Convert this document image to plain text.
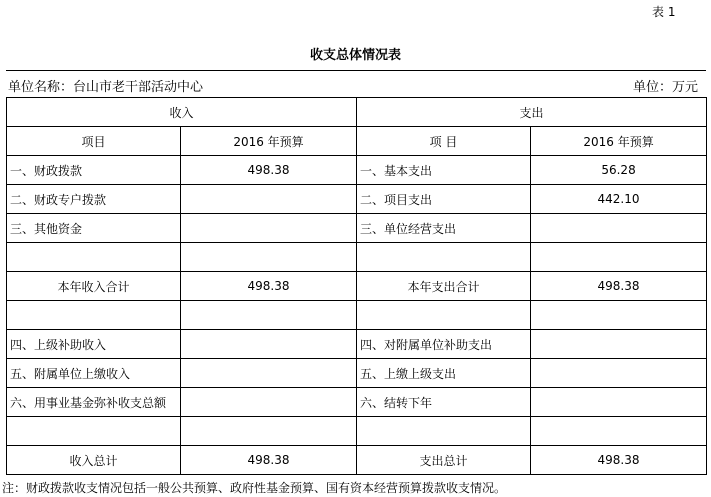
表 1
收支总体情况表
单位名称：台山市老干部活动中心	单位：万元
收入		支出	
项目	2016 年预算	项 目	2016 年预算
一、财政拨款	498.38	一、基本支出	56.28
二、财政专户拨款		二、项目支出	442.10
三、其他资金		三、单位经营支出	

本年收入合计	498.38	本年支出合计	498.38

四、上级补助收入		四、对附属单位补助支出	
五、附属单位上缴收入		五、上缴上级支出	
六、用事业基金弥补收支总额		六、结转下年	

收入总计	498.38	支出总计	498.38
注：财政拨款收支情况包括一般公共预算、政府性基金预算、国有资本经营预算拨款收支情况。
